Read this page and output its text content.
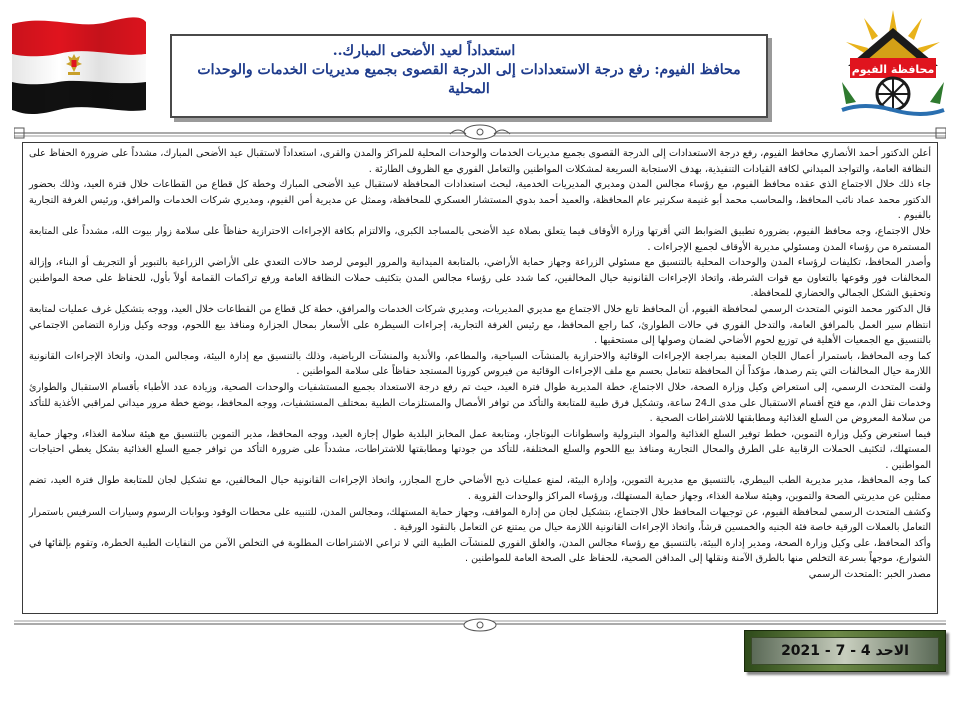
استعداداً لعيد الأضحى المبارك..

محافظ الفيوم: رفع درجة الاستعدادات إلى الدرجة القصوى بجميع مديريات الخدمات والوحدات المحلية

محافظة الفيوم

أعلن الدكتور أحمد الأنصاري محافظ الفيوم، رفع درجة الاستعدادات إلى الدرجة القصوى بجميع مديريات الخدمات والوحدات المحلية للمراكز والمدن والقرى، استعداداً لاستقبال عيد الأضحى المبارك، مشدداً على ضرورة الحفاظ على النظافة العامة، والتواجد الميداني لكافة القيادات التنفيذية، بهدف الاستجابة السريعة لمشكلات المواطنين والتعامل الفوري مع الظروف الطارئة .

جاء ذلك خلال الاجتماع الذي عقده محافظ الفيوم، مع رؤساء مجالس المدن ومديري المديريات الخدمية، لبحث استعدادات المحافظة لاستقبال عيد الأضحى المبارك وخطة كل قطاع من القطاعات خلال فترة العيد، وذلك بحضور الدكتور محمد عماد نائب المحافظ، والمحاسب محمد أبو غنيمة سكرتير عام المحافظة، والعميد أحمد بدوي المستشار العسكري للمحافظة، وممثل عن مديرية أمن الفيوم، ومديري شركات الخدمات والمرافق، ورئيس الغرفة التجارية بالفيوم .

خلال الاجتماع، وجه محافظ الفيوم، بضرورة تطبيق الضوابط التي أقرتها وزارة الأوقاف فيما يتعلق بصلاة عيد الأضحى بالمساجد الكبرى، والالتزام بكافة الإجراءات الاحترازية حفاظاً على سلامة زوار بيوت الله، مشدداً على المتابعة المستمرة من رؤساء المدن ومسئولي مديرية الأوقاف لجميع الإجراءات .

وأصدر المحافظ، تكليفات لرؤساء المدن والوحدات المحلية بالتنسيق مع مسئولي الزراعة وجهاز حماية الأراضي، بالمتابعة الميدانية والمرور اليومي لرصد حالات التعدي على الأراضي الزراعية بالتبوير أو التجريف أو البناء، وإزالة المخالفات فور وقوعها بالتعاون مع قوات الشرطة، واتخاذ الإجراءات القانونية حيال المخالفين، كما شدد على رؤساء مجالس المدن بتكثيف حملات النظافة العامة ورفع تراكمات القمامة أولاً بأول، للحفاظ على صحة المواطنين وتحقيق الشكل الجمالي والحضاري للمحافظة.

قال الدكتور محمد التوني المتحدث الرسمي لمحافظة الفيوم، أن المحافظ تابع خلال الاجتماع مع مديري المديريات، ومديري شركات الخدمات والمرافق، خطة كل قطاع من القطاعات خلال العيد، ووجه بتشكيل غرف عمليات لمتابعة انتظام سير العمل بالمرافق العامة، والتدخل الفوري في حالات الطوارئ، كما راجع المحافظ، مع رئيس الغرفة التجارية، إجراءات السيطرة على الأسعار بمحال الجزارة ومنافذ بيع اللحوم، ووجه وكيل وزارة التضامن الاجتماعي بالتنسيق مع الجمعيات الأهلية في توزيع لحوم الأضاحي لضمان وصولها إلى مستحقيها .

كما وجه المحافظ، باستمرار أعمال اللجان المعنية بمراجعة الإجراءات الوقائية والاحترازية بالمنشآت السياحية، والمطاعم، والأندية والمنشآت الرياضية، وذلك بالتنسيق مع إدارة البيئة، ومجالس المدن، واتخاذ الإجراءات القانونية اللازمة حيال المخالفات التي يتم رصدها، مؤكداً أن المحافظة تتعامل بحسم مع ملف الإجراءات الوقائية من فيروس كورونا المستجد حفاظاً على سلامة المواطنين .

ولفت المتحدث الرسمي، إلى استعراض وكيل وزارة الصحة، خلال الاجتماع، خطة المديرية طوال فترة العيد، حيث تم رفع درجة الاستعداد بجميع المستشفيات والوحدات الصحية، وزيادة عدد الأطباء بأقسام الاستقبال والطوارئ وخدمات نقل الدم، مع فتح أقسام الاستقبال على مدى الـ24 ساعة، وتشكيل فرق طبية للمتابعة والتأكد من توافر الأمصال والمستلزمات الطبية بمختلف المستشفيات، ووجه المحافظ، بوضع خطة مرور ميداني لمراقبي الأغذية للتأكد من سلامة المعروض من السلع الغذائية ومطابقتها للاشتراطات الصحية .

فيما استعرض وكيل وزارة التموين، خطط توفير السلع الغذائية والمواد البترولية واسطوانات البوتاجاز، ومتابعة عمل المخابز البلدية طوال إجازة العيد، ووجه المحافظ، مدير التموين بالتنسيق مع هيئة سلامة الغذاء، وجهاز حماية المستهلك، لتكثيف الحملات الرقابية على الطرق والمحال التجارية ومنافذ بيع اللحوم والسلع المختلفة، للتأكد من جودتها ومطابقتها للاشتراطات، مشدداً على ضرورة التأكد من توافر جميع السلع الغذائية بشكل يغطي احتياجات المواطنين .

كما وجه المحافظ، مدير مديرية الطب البيطري، بالتنسيق مع مديرية التموين، وإدارة البيئة، لمنع عمليات ذبح الأضاحي خارج المجازر، واتخاذ الإجراءات القانونية حيال المخالفين، مع تشكيل لجان للمتابعة طوال فترة العيد، تضم ممثلين عن مديريتي الصحة والتموين، وهيئة سلامة الغذاء، وجهاز حماية المستهلك، ورؤساء المراكز والوحدات القروية .

وكشف المتحدث الرسمي لمحافظة الفيوم، عن توجيهات المحافظ خلال الاجتماع، بتشكيل لجان من إدارة المواقف، وجهاز حماية المستهلك، ومجالس المدن، للتنبيه على محطات الوقود وبوابات الرسوم وسيارات السرفيس باستمرار التعامل بالعملات الورقية خاصة فئة الجنيه والخمسين قرشاً، واتخاذ الإجراءات القانونية اللازمة حيال من يمتنع عن التعامل بالنقود الورقية .

وأكد المحافظ، على وكيل وزارة الصحة، ومدير إدارة البيئة، بالتنسيق مع رؤساء مجالس المدن، والغلق الفوري للمنشآت الطبية التي لا تراعي الاشتراطات المطلوبة في التخلص الآمن من النفايات الطبية الخطرة، وتقوم بإلقائها في الشوارع، موجهاً بسرعة التخلص منها بالطرق الآمنة ونقلها إلى المدافن الصحية، للحفاظ على الصحة العامة للمواطنين .

مصدر الخبر :المتحدث الرسمي

الاحد 4 - 7 - 2021
